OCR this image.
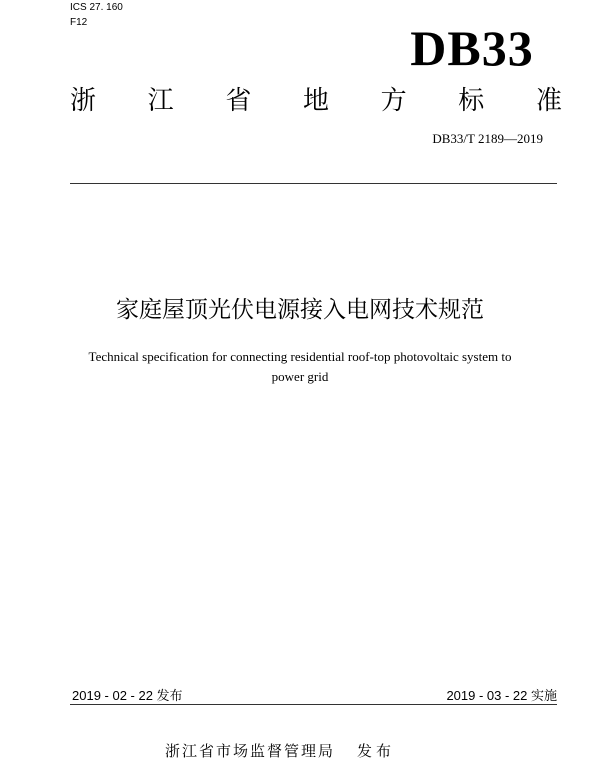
ICS 27. 160
F12	DB33
浙 江 省 地 方 标 准
DB33/T 2189—2019
家庭屋顶光伏电源接入电网技术规范
Technical specification for connecting residential roof-top photovoltaic system to
power grid
2019 - 02 - 22 发布	2019 - 03 - 22 实施
浙江省市场监督管理局 发布
